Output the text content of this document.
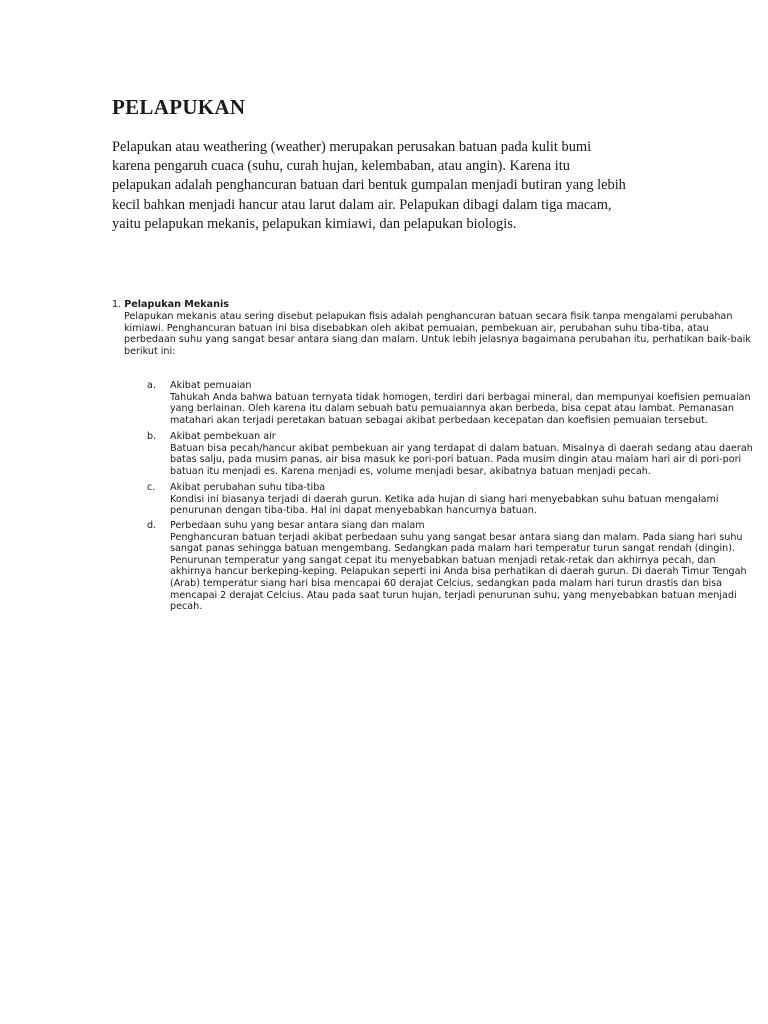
PELAPUKAN

Pelapukan atau weathering (weather) merupakan perusakan batuan pada kulit bumi
karena pengaruh cuaca (suhu, curah hujan, kelembaban, atau angin). Karena itu
pelapukan adalah penghancuran batuan dari bentuk gumpalan menjadi butiran yang lebih
kecil bahkan menjadi hancur atau larut dalam air. Pelapukan dibagi dalam tiga macam,
yaitu pelapukan mekanis, pelapukan kimiawi, dan pelapukan biologis.

1. Pelapukan Mekanis
Pelapukan mekanis atau sering disebut pelapukan fisis adalah penghancuran batuan secara fisik tanpa mengalami perubahan
kimiawi. Penghancuran batuan ini bisa disebabkan oleh akibat pemuaian, pembekuan air, perubahan suhu tiba-tiba, atau
perbedaan suhu yang sangat besar antara siang dan malam. Untuk lebih jelasnya bagaimana perubahan itu, perhatikan baik-baik
berikut ini:
a. Akibat pemuaian
Tahukah Anda bahwa batuan ternyata tidak homogen, terdiri dari berbagai mineral, dan mempunyai koefisien pemuaian
yang berlainan. Oleh karena itu dalam sebuah batu pemuaiannya akan berbeda, bisa cepat atau lambat. Pemanasan
matahari akan terjadi peretakan batuan sebagai akibat perbedaan kecepatan dan koefisien pemuaian tersebut.
b. Akibat pembekuan air
Batuan bisa pecah/hancur akibat pembekuan air yang terdapat di dalam batuan. Misalnya di daerah sedang atau daerah
batas salju, pada musim panas, air bisa masuk ke pori-pori batuan. Pada musim dingin atau malam hari air di pori-pori
batuan itu menjadi es. Karena menjadi es, volume menjadi besar, akibatnya batuan menjadi pecah.
c. Akibat perubahan suhu tiba-tiba
Kondisi ini biasanya terjadi di daerah gurun. Ketika ada hujan di siang hari menyebabkan suhu batuan mengalami
penurunan dengan tiba-tiba. Hal ini dapat menyebabkan hancurnya batuan.
d. Perbedaan suhu yang besar antara siang dan malam
Penghancuran batuan terjadi akibat perbedaan suhu yang sangat besar antara siang dan malam. Pada siang hari suhu
sangat panas sehingga batuan mengembang. Sedangkan pada malam hari temperatur turun sangat rendah (dingin).
Penurunan temperatur yang sangat cepat itu menyebabkan batuan menjadi retak-retak dan akhirnya pecah, dan
akhirnya hancur berkeping-keping. Pelapukan seperti ini Anda bisa perhatikan di daerah gurun. Di daerah Timur Tengah
(Arab) temperatur siang hari bisa mencapai 60 derajat Celcius, sedangkan pada malam hari turun drastis dan bisa
mencapai 2 derajat Celcius. Atau pada saat turun hujan, terjadi penurunan suhu, yang menyebabkan batuan menjadi
pecah.
